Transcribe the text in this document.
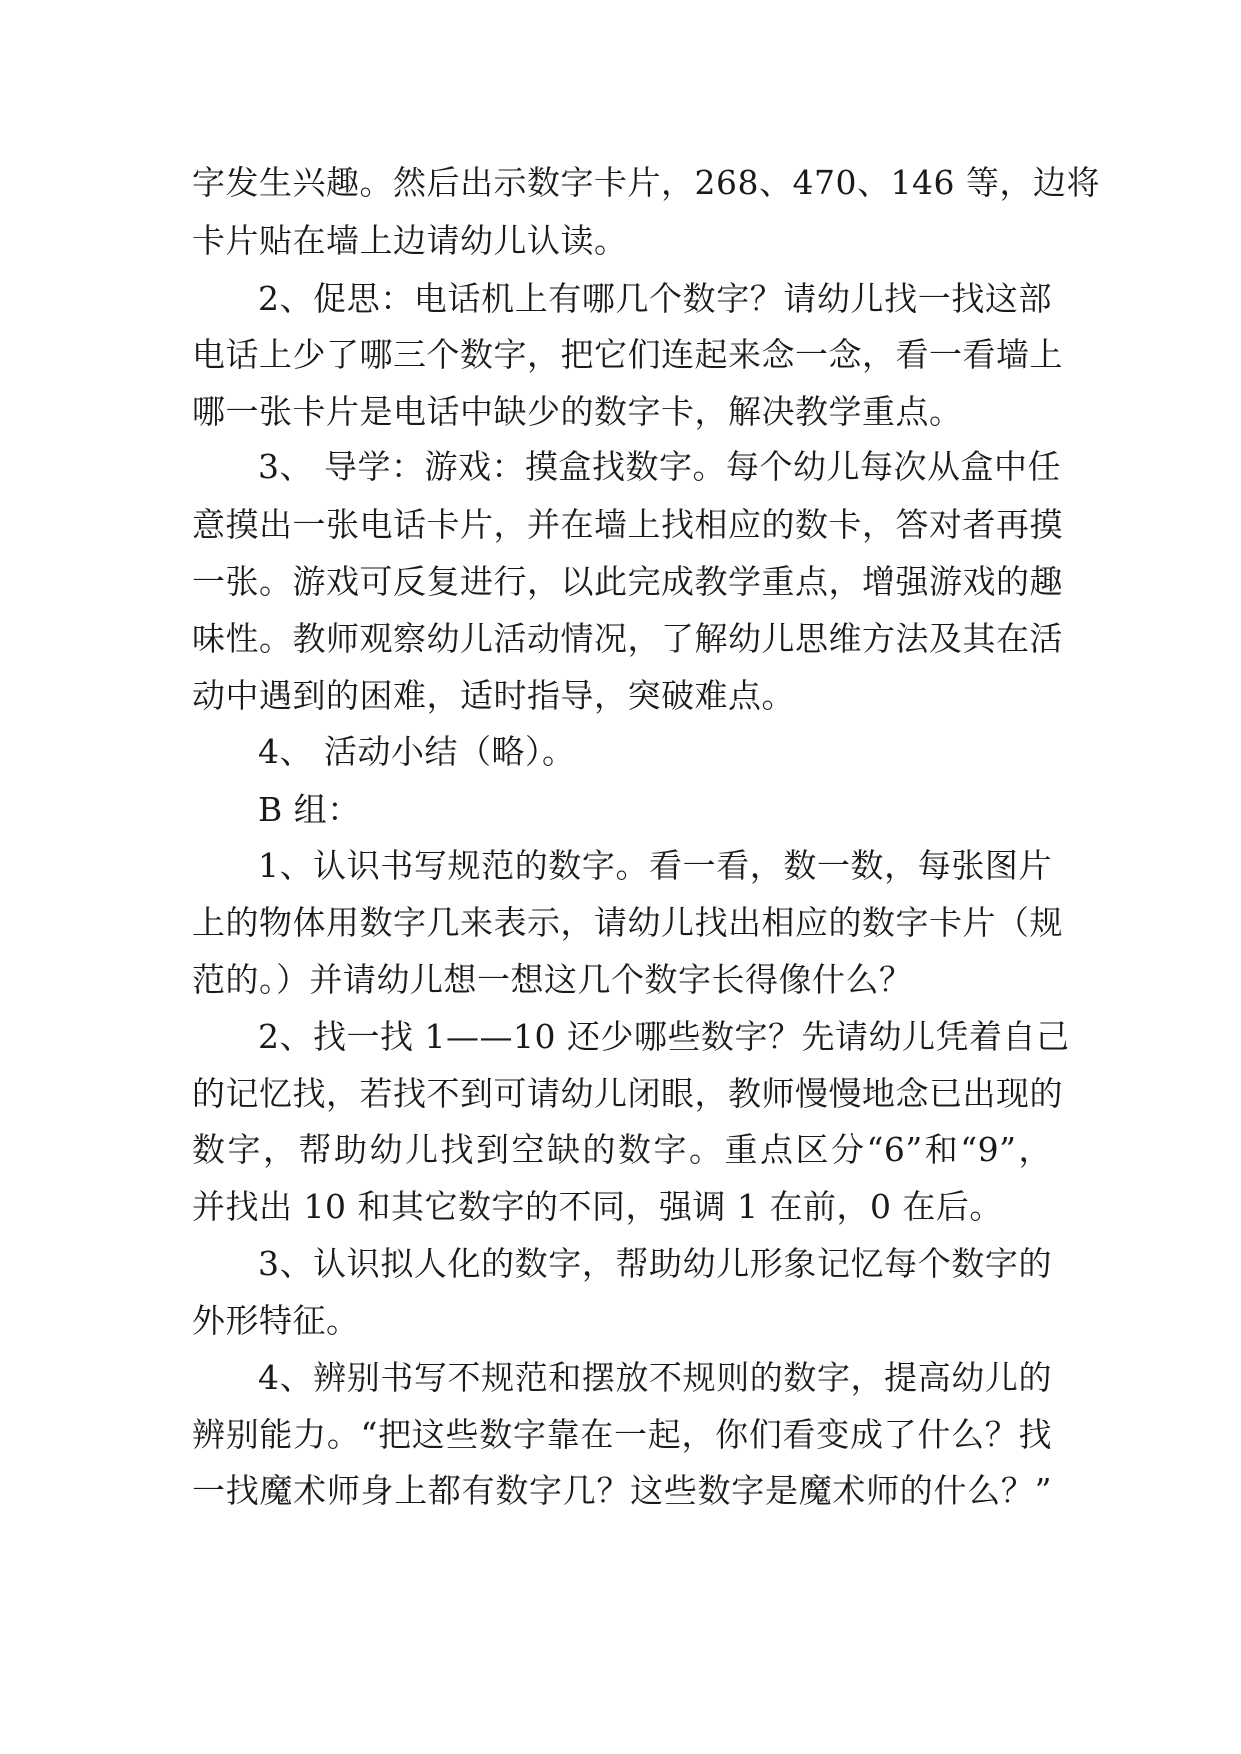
字发生兴趣。然后出示数字卡片，268、470、146 等，边将
卡片贴在墙上边请幼儿认读。
2、促思：电话机上有哪几个数字？请幼儿找一找这部
电话上少了哪三个数字，把它们连起来念一念，看一看墙上
哪一张卡片是电话中缺少的数字卡，解决教学重点。
3、 导学：游戏：摸盒找数字。每个幼儿每次从盒中任
意摸出一张电话卡片，并在墙上找相应的数卡，答对者再摸
一张。游戏可反复进行，以此完成教学重点，增强游戏的趣
味性。教师观察幼儿活动情况，了解幼儿思维方法及其在活
动中遇到的困难，适时指导，突破难点。
4、 活动小结（略）。
B 组：
1、认识书写规范的数字。看一看，数一数，每张图片
上的物体用数字几来表示，请幼儿找出相应的数字卡片（规
范的。）并请幼儿想一想这几个数字长得像什么？
2、找一找 1——10 还少哪些数字？先请幼儿凭着自己
的记忆找，若找不到可请幼儿闭眼，教师慢慢地念已出现的
数字，帮助幼儿找到空缺的数字。重点区分“6”和“9”，
并找出 10 和其它数字的不同，强调 1 在前，0 在后。
3、认识拟人化的数字，帮助幼儿形象记忆每个数字的
外形特征。
4、辨别书写不规范和摆放不规则的数字，提高幼儿的
辨别能力。“把这些数字靠在一起，你们看变成了什么？找
一找魔术师身上都有数字几？这些数字是魔术师的什么？”
